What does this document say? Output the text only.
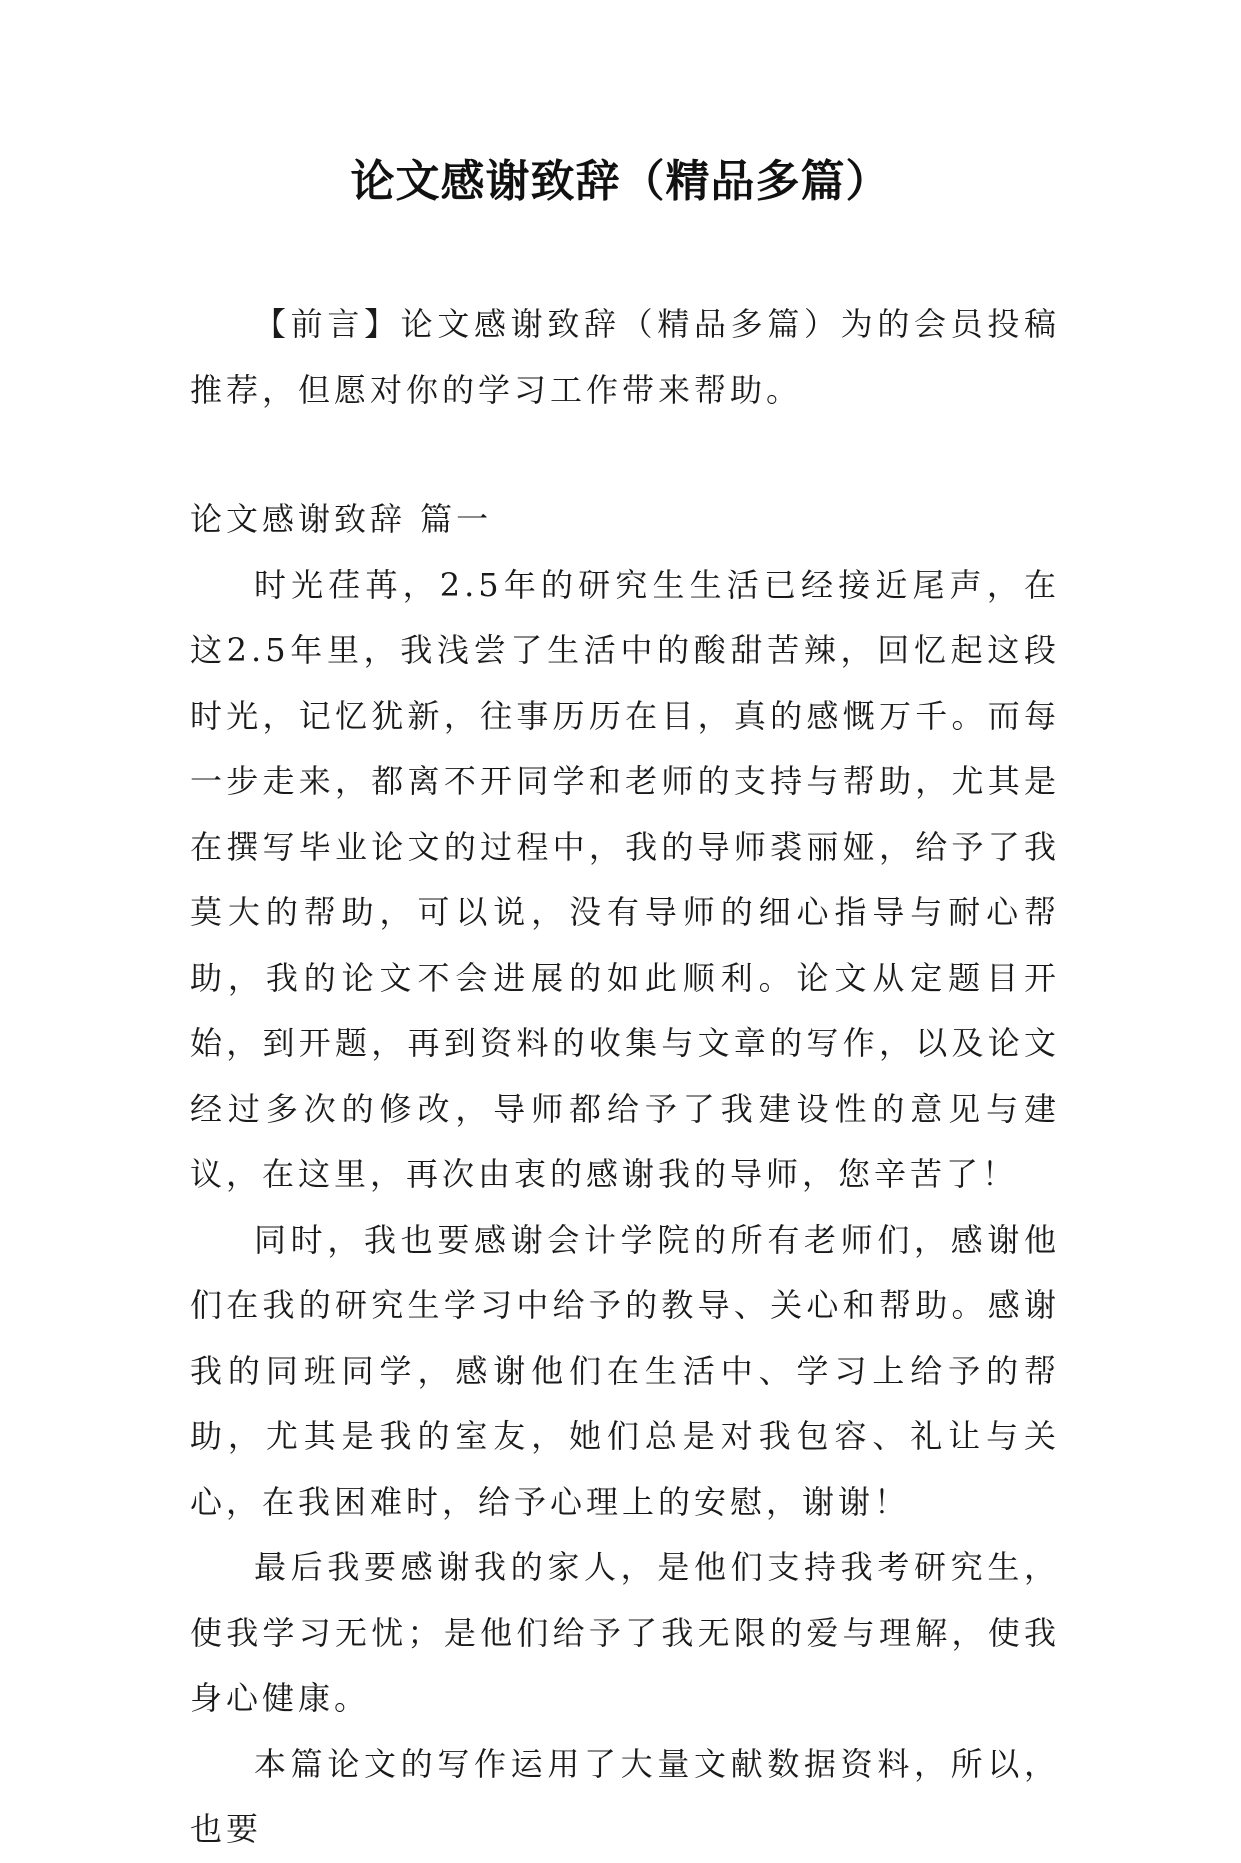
论文感谢致辞（精品多篇）

【前言】论文感谢致辞（精品多篇）为的会员投稿推荐，但愿对你的学习工作带来帮助。

论文感谢致辞 篇一

时光荏苒，2.5年的研究生生活已经接近尾声，在这2.5年里，我浅尝了生活中的酸甜苦辣，回忆起这段时光，记忆犹新，往事历历在目，真的感慨万千。而每一步走来，都离不开同学和老师的支持与帮助，尤其是在撰写毕业论文的过程中，我的导师裘丽娅，给予了我莫大的帮助，可以说，没有导师的细心指导与耐心帮助，我的论文不会进展的如此顺利。论文从定题目开始，到开题，再到资料的收集与文章的写作，以及论文经过多次的修改，导师都给予了我建设性的意见与建议，在这里，再次由衷的感谢我的导师，您辛苦了！

同时，我也要感谢会计学院的所有老师们，感谢他们在我的研究生学习中给予的教导、关心和帮助。感谢我的同班同学，感谢他们在生活中、学习上给予的帮助，尤其是我的室友，她们总是对我包容、礼让与关心，在我困难时，给予心理上的安慰，谢谢！

最后我要感谢我的家人，是他们支持我考研究生，使我学习无忧；是他们给予了我无限的爱与理解，使我身心健康。

本篇论文的写作运用了大量文献数据资料，所以，也要
